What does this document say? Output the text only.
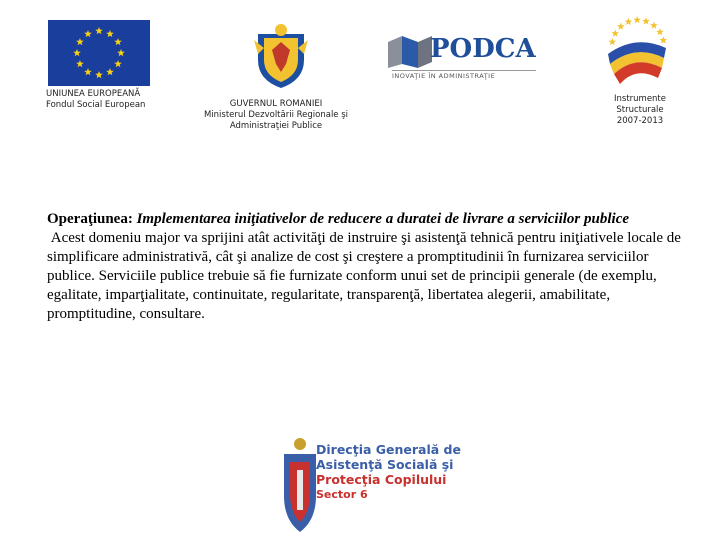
UNIUNEA EUROPEANĂ
Fondul Social European	GUVERNUL ROMANIEI
Ministerul Dezvoltării Regionale şi
Administraţiei Publice
PODCA
INOVAŢIE ÎN ADMINISTRAŢIE
Instrumente
Structurale
2007-2013
Operaţiunea: Implementarea iniţiativelor de reducere a duratei de livrare a serviciilor publice
Acest domeniu major va sprijini atât activităţi de instruire şi asistenţă tehnică pentru iniţiativele locale de simplificare administrativă, cât şi analize de cost şi creştere a promptitudinii în furnizarea serviciilor publice. Serviciile publice trebuie să fie furnizate conform unui set de principii generale (de exemplu, egalitate, imparţialitate, continuitate, regularitate, transparenţă, libertatea alegerii, amabilitate, promptitudine, consultare.
Direcţia Generală de
Asistenţă Socială şi
Protecţia Copilului
Sector 6
